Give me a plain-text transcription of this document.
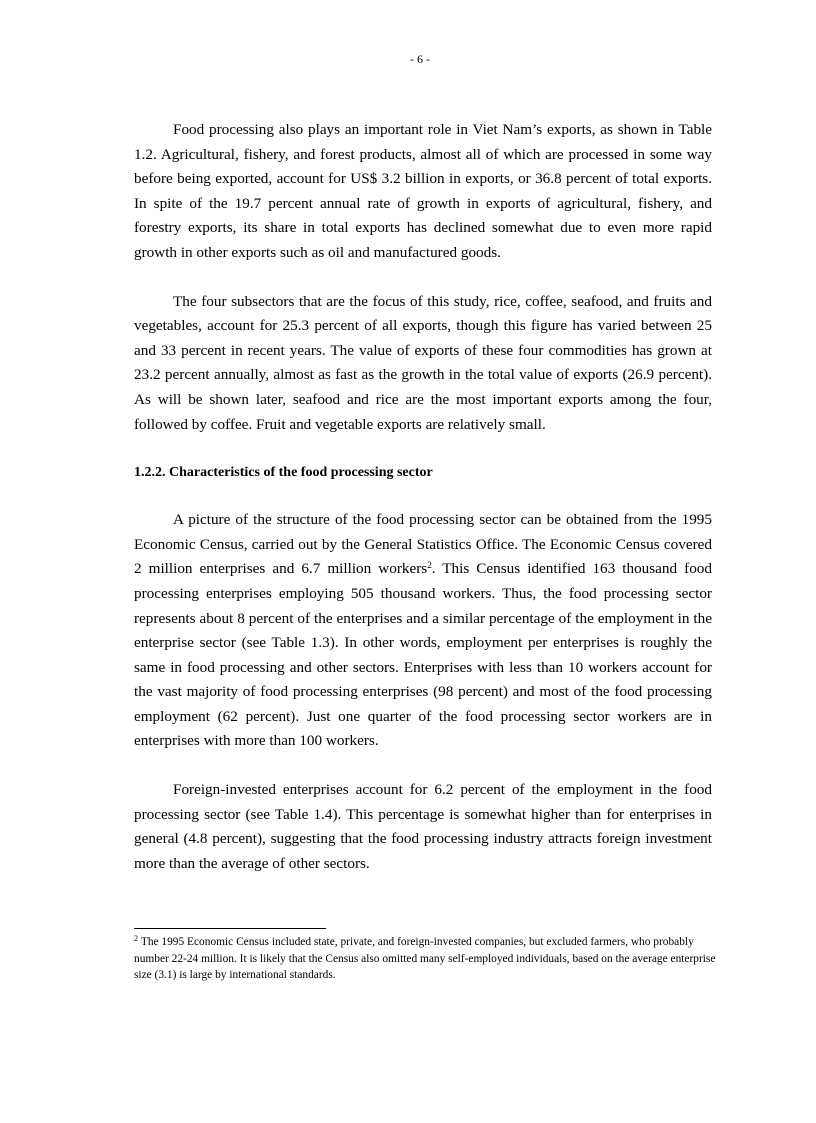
- 6 -

Food processing also plays an important role in Viet Nam’s exports, as shown in Table 1.2. Agricultural, fishery, and forest products, almost all of which are processed in some way before being exported, account for US$ 3.2 billion in exports, or 36.8 percent of total exports. In spite of the 19.7 percent annual rate of growth in exports of agricultural, fishery, and forestry exports, its share in total exports has declined somewhat due to even more rapid growth in other exports such as oil and manufactured goods.

The four subsectors that are the focus of this study, rice, coffee, seafood, and fruits and vegetables, account for 25.3 percent of all exports, though this figure has varied between 25 and 33 percent in recent years. The value of exports of these four commodities has grown at 23.2 percent annually, almost as fast as the growth in the total value of exports (26.9 percent). As will be shown later, seafood and rice are the most important exports among the four, followed by coffee. Fruit and vegetable exports are relatively small.

1.2.2. Characteristics of the food processing sector

A picture of the structure of the food processing sector can be obtained from the 1995 Economic Census, carried out by the General Statistics Office. The Economic Census covered 2 million enterprises and 6.7 million workers$^2$. This Census identified 163 thousand food processing enterprises employing 505 thousand workers. Thus, the food processing sector represents about 8 percent of the enterprises and a similar percentage of the employment in the enterprise sector (see Table 1.3). In other words, employment per enterprises is roughly the same in food processing and other sectors. Enterprises with less than 10 workers account for the vast majority of food processing enterprises (98 percent) and most of the food processing employment (62 percent). Just one quarter of the food processing sector workers are in enterprises with more than 100 workers.

Foreign-invested enterprises account for 6.2 percent of the employment in the food processing sector (see Table 1.4). This percentage is somewhat higher than for enterprises in general (4.8 percent), suggesting that the food processing industry attracts foreign investment more than the average of other sectors.

$^2$ The 1995 Economic Census included state, private, and foreign-invested companies, but excluded farmers, who probably number 22-24 million. It is likely that the Census also omitted many self-employed individuals, based on the average enterprise size (3.1) is large by international standards.
